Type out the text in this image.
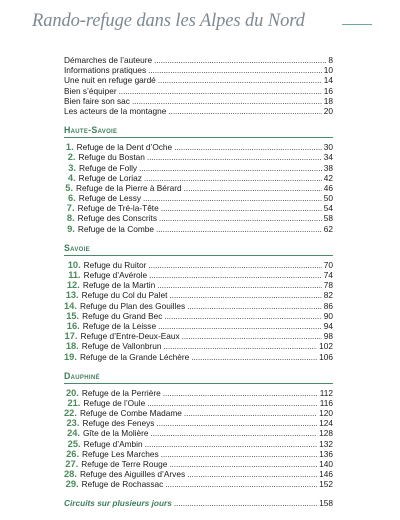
Rando-refuge dans les Alpes du Nord
Démarches de l’auteure . . .	8
Informations pratiques . . .	10
Une nuit en refuge gardé . . .	14
Bien s’équiper . . .	16
Bien faire son sac . . .	18
Les acteurs de la montagne . . .	20
Haute-Savoie
1. Refuge de la Dent d’Oche . . .	30
2. Refuge du Bostan . . .	34
3. Refuge de Folly . . .	38
4. Refuge de Loriaz . . .	42
5. Refuge de la Pierre à Bérard . . .	46
6. Refuge de Lessy . . .	50
7. Refuge de Tré-la-Tête . . .	54
8. Refuge des Conscrits . . .	58
9. Refuge de la Combe . . .	62
Savoie
10. Refuge du Ruitor . . .	70
11. Refuge d’Avérole . . .	74
12. Refuge de la Martin . . .	78
13. Refuge du Col du Palet . . .	82
14. Refuge du Plan des Gouilles . . .	86
15. Refuge du Grand Bec . . .	90
16. Refuge de la Leisse . . .	94
17. Refuge d’Entre-Deux-Eaux . . .	98
18. Refuge de Vallonbrun . . .	102
19. Refuge de la Grande Léchère . . .	106
Dauphiné
20. Refuge de la Perrière . . .	112
21. Refuge de l’Oule . . .	116
22. Refuge de Combe Madame . . .	120
23. Refuge des Feneys . . .	124
24. Gîte de la Molière . . .	128
25. Refuge d’Ambin . . .	132
26. Refuge Les Marches . . .	136
27. Refuge de Terre Rouge . . .	140
28. Refuge des Aiguilles d’Arves . . .	146
29. Refuge de Rochassac . . .	152
Circuits sur plusieurs jours . . .	158
